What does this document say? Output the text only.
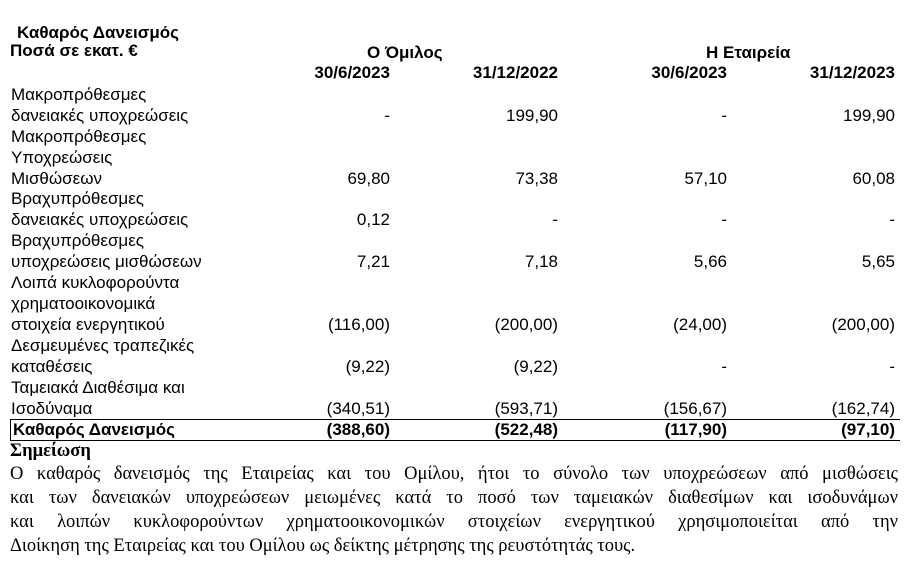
Καθαρός Δανεισμός
Ποσά σε εκατ. €	Ο Όμιλος	Η Εταιρεία
30/6/2023	31/12/2022	30/6/2023	31/12/2023
Μακροπρόθεσμες
δανειακές υποχρεώσεις	-	199,90	-	199,90
Μακροπρόθεσμες
Υποχρεώσεις
Μισθώσεων	69,80	73,38	57,10	60,08
Βραχυπρόθεσμες
δανειακές υποχρεώσεις	0,12	-	-	-
Βραχυπρόθεσμες
υποχρεώσεις μισθώσεων	7,21	7,18	5,66	5,65
Λοιπά κυκλοφορούντα
χρηματοοικονομικά
στοιχεία ενεργητικού	(116,00)	(200,00)	(24,00)	(200,00)
Δεσμευμένες τραπεζικές
καταθέσεις	(9,22)	(9,22)	-	-
Ταμειακά Διαθέσιμα και
Ισοδύναμα	(340,51)	(593,71)	(156,67)	(162,74)
Καθαρός Δανεισμός	(388,60)	(522,48)	(117,90)	(97,10)
Σημείωση
Ο καθαρός δανεισμός της Εταιρείας και του Ομίλου, ήτοι το σύνολο των υποχρεώσεων από μισθώσεις
και των δανειακών υποχρεώσεων μειωμένες κατά το ποσό των ταμειακών διαθεσίμων και ισοδυνάμων
και λοιπών κυκλοφορούντων χρηματοοικονομικών στοιχείων ενεργητικού χρησιμοποιείται από την
Διοίκηση της Εταιρείας και του Ομίλου ως δείκτης μέτρησης της ρευστότητάς τους.
